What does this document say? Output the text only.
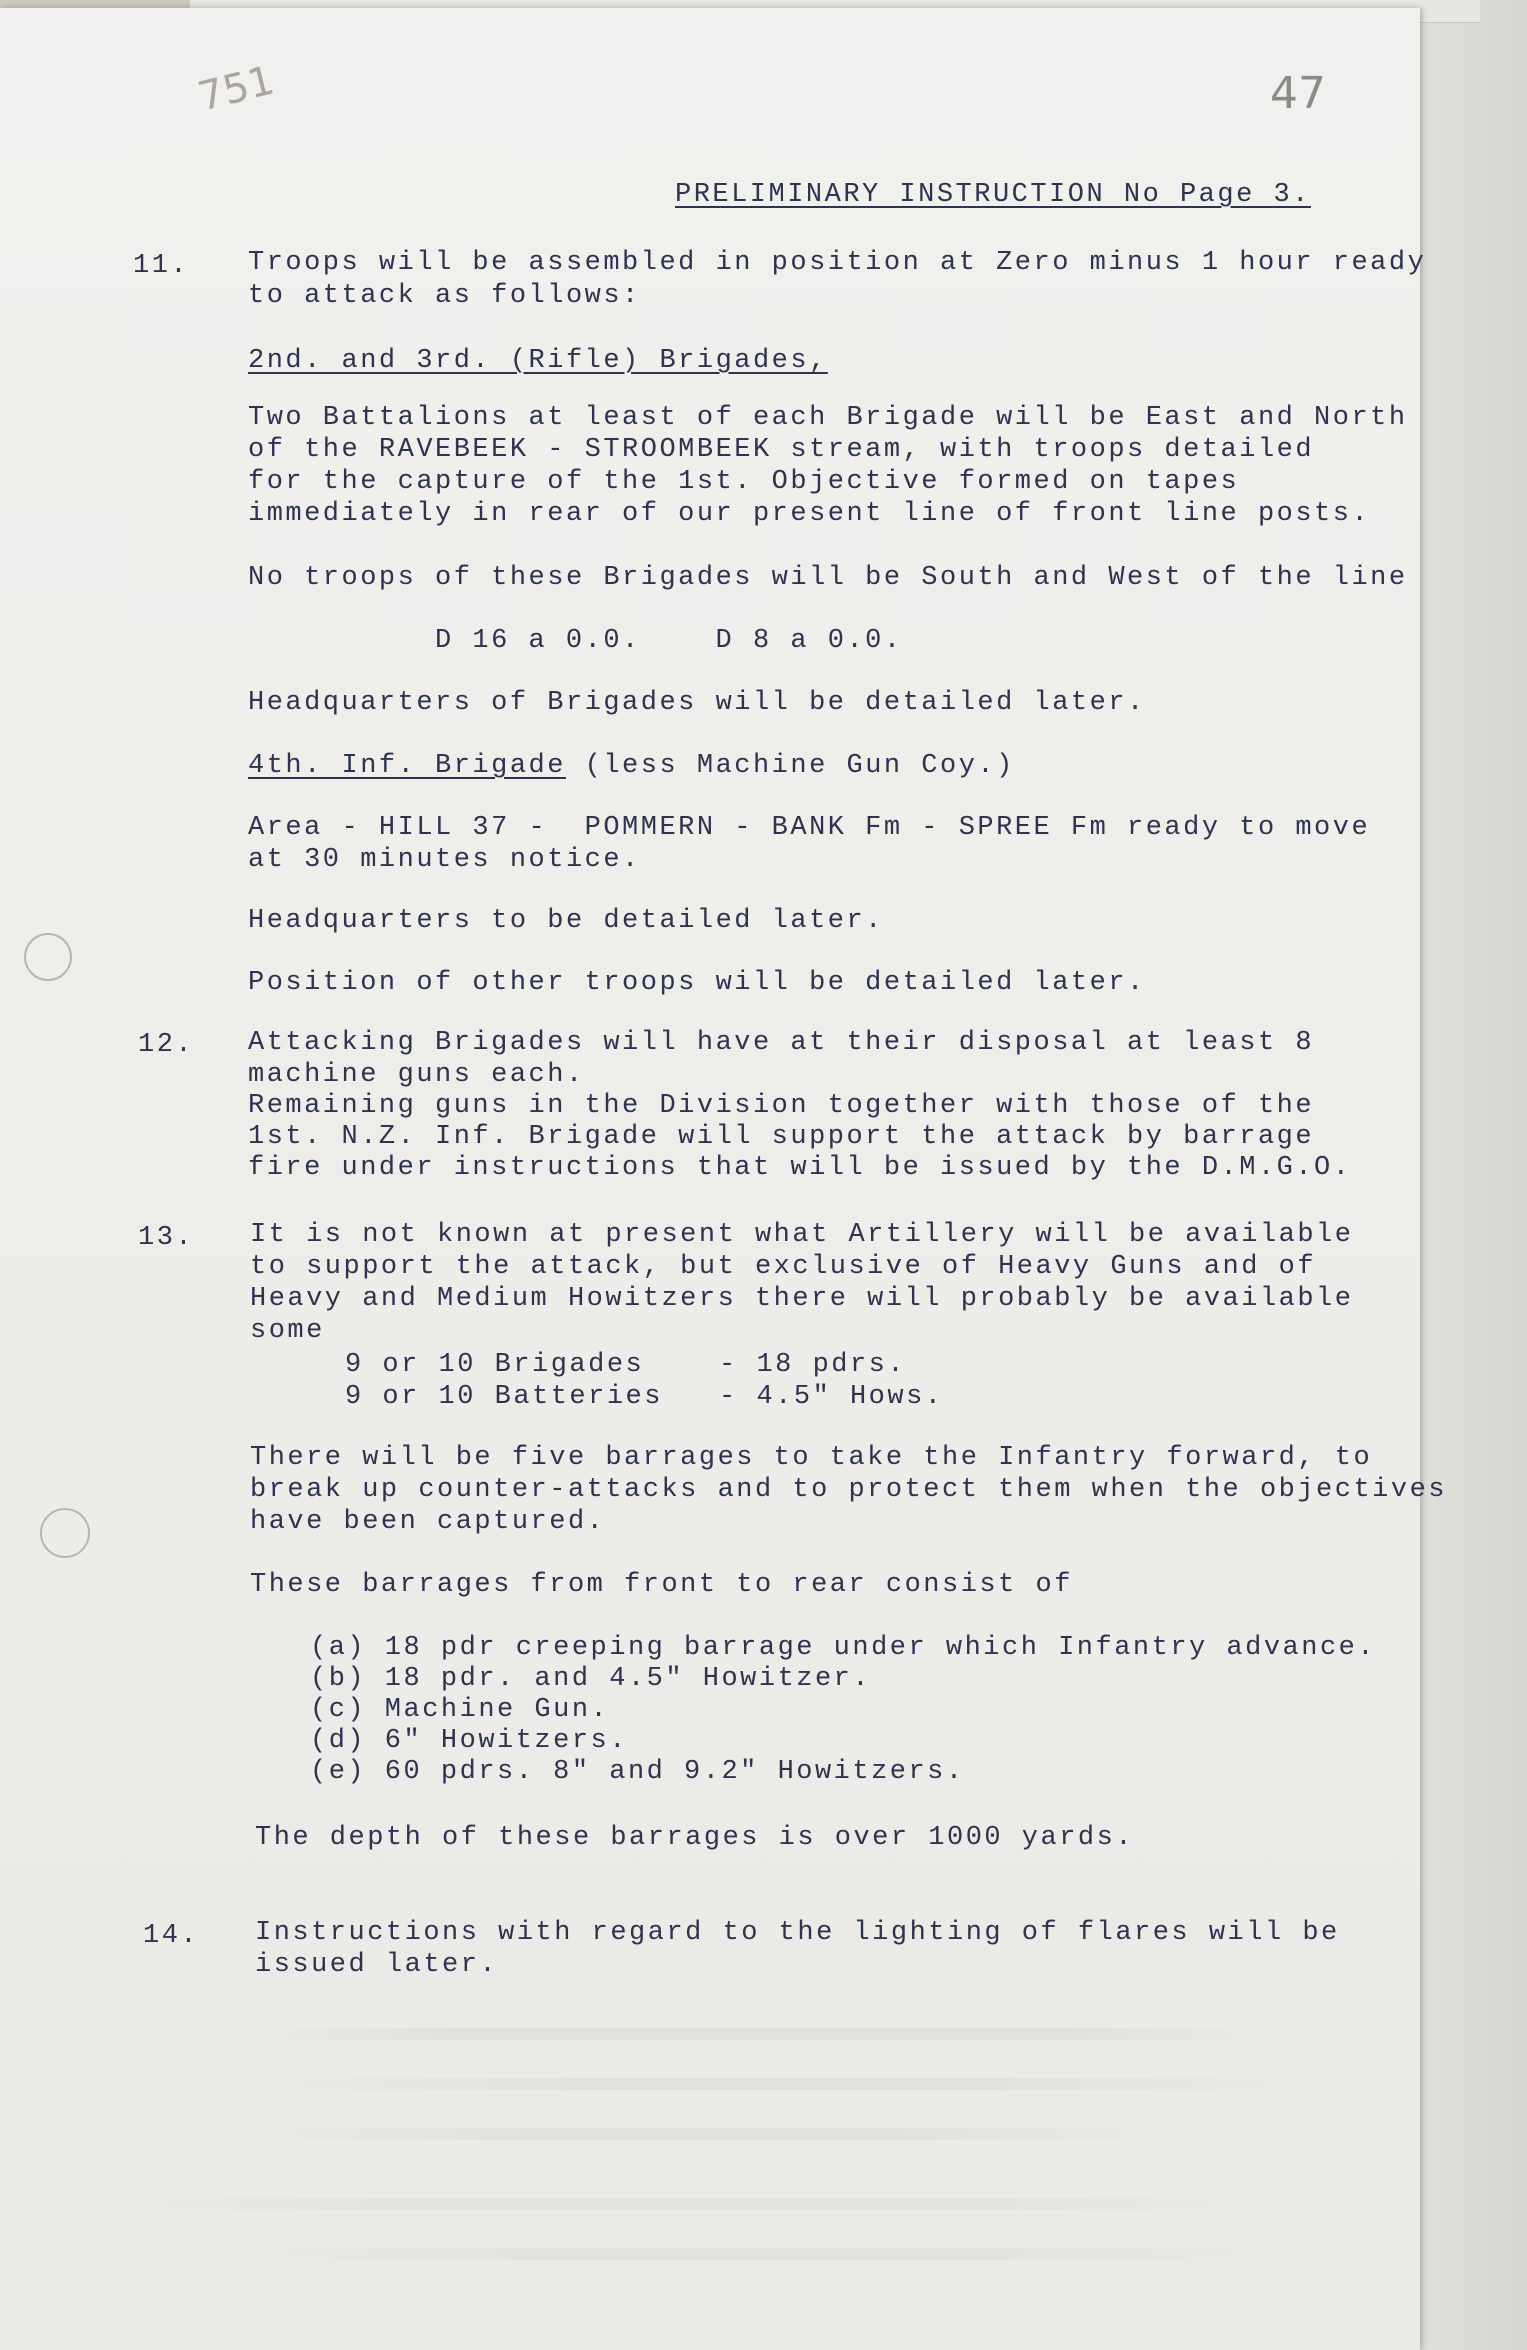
47
751
PRELIMINARY INSTRUCTION No Page 3.
11. Troops will be assembled in position at Zero minus 1 hour ready
to attack as follows:
2nd. and 3rd. (Rifle) Brigades,
Two Battalions at least of each Brigade will be East and North
of the RAVEBEEK - STROOMBEEK stream, with troops detailed
for the capture of the 1st. Objective formed on tapes
immediately in rear of our present line of front line posts.
No troops of these Brigades will be South and West of the line
D 16 a 0.0.    D 8 a 0.0.
Headquarters of Brigades will be detailed later.
4th. Inf. Brigade (less Machine Gun Coy.)
Area - HILL 37 -  POMMERN - BANK Fm - SPREE Fm ready to move
at 30 minutes notice.
Headquarters to be detailed later.
Position of other troops will be detailed later.
12. Attacking Brigades will have at their disposal at least 8
machine guns each.
Remaining guns in the Division together with those of the
1st. N.Z. Inf. Brigade will support the attack by barrage
fire under instructions that will be issued by the D.M.G.O.
13. It is not known at present what Artillery will be available
to support the attack, but exclusive of Heavy Guns and of
Heavy and Medium Howitzers there will probably be available
some
9 or 10 Brigades    - 18 pdrs.
9 or 10 Batteries   - 4.5" Hows.
There will be five barrages to take the Infantry forward, to
break up counter-attacks and to protect them when the objectives
have been captured.
These barrages from front to rear consist of
(a) 18 pdr creeping barrage under which Infantry advance.
(b) 18 pdr. and 4.5" Howitzer.
(c) Machine Gun.
(d) 6" Howitzers.
(e) 60 pdrs. 8" and 9.2" Howitzers.
The depth of these barrages is over 1000 yards.
14. Instructions with regard to the lighting of flares will be
issued later.
